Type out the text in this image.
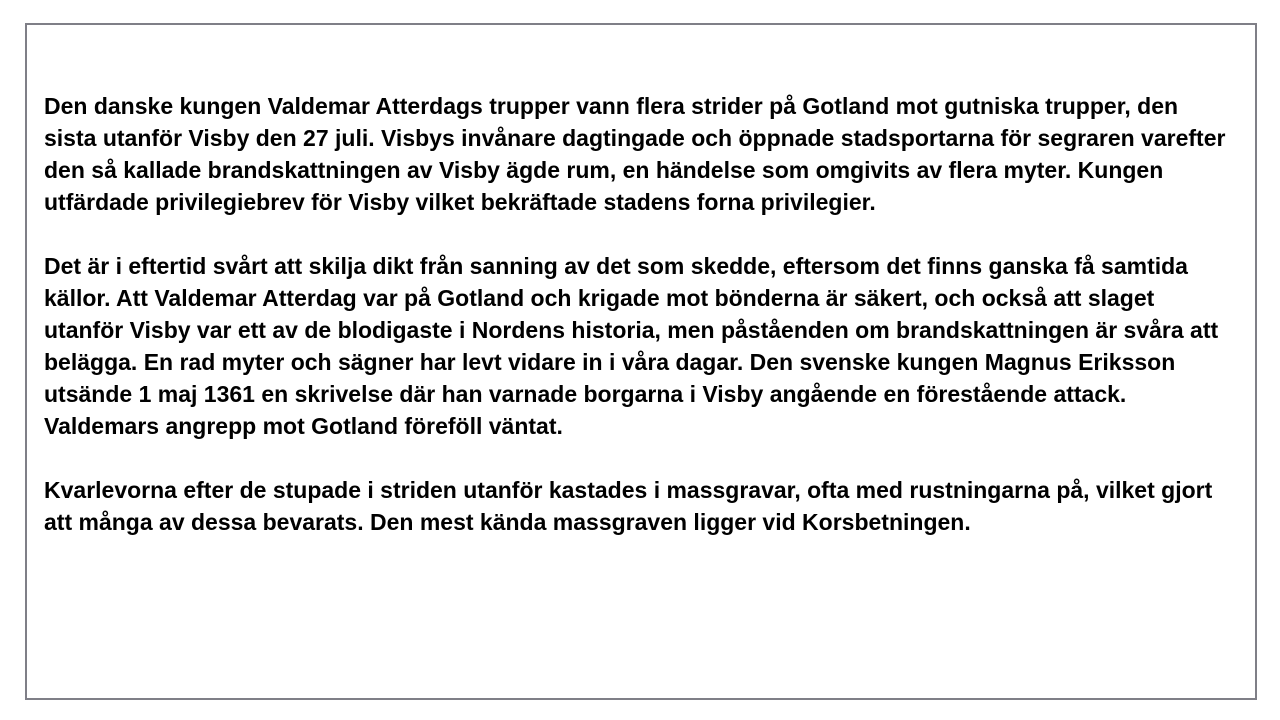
Den danske kungen Valdemar Atterdags trupper vann flera strider på Gotland mot gutniska trupper, den sista utanför Visby den 27 juli. Visbys invånare dagtingade och öppnade stadsportarna för segraren varefter den så kallade brandskattningen av Visby ägde rum, en händelse som omgivits av flera myter. Kungen utfärdade privilegiebrev för Visby vilket bekräftade stadens forna privilegier.

Det är i eftertid svårt att skilja dikt från sanning av det som skedde, eftersom det finns ganska få samtida källor. Att Valdemar Atterdag var på Gotland och krigade mot bönderna är säkert, och också att slaget utanför Visby var ett av de blodigaste i Nordens historia, men påståenden om brandskattningen är svåra att belägga. En rad myter och sägner har levt vidare in i våra dagar. Den svenske kungen Magnus Eriksson utsände 1 maj 1361 en skrivelse där han varnade borgarna i Visby angående en förestående attack. Valdemars angrepp mot Gotland föreföll väntat.

Kvarlevorna efter de stupade i striden utanför kastades i massgravar, ofta med rustningarna på, vilket gjort att många av dessa bevarats. Den mest kända massgraven ligger vid Korsbetningen.
